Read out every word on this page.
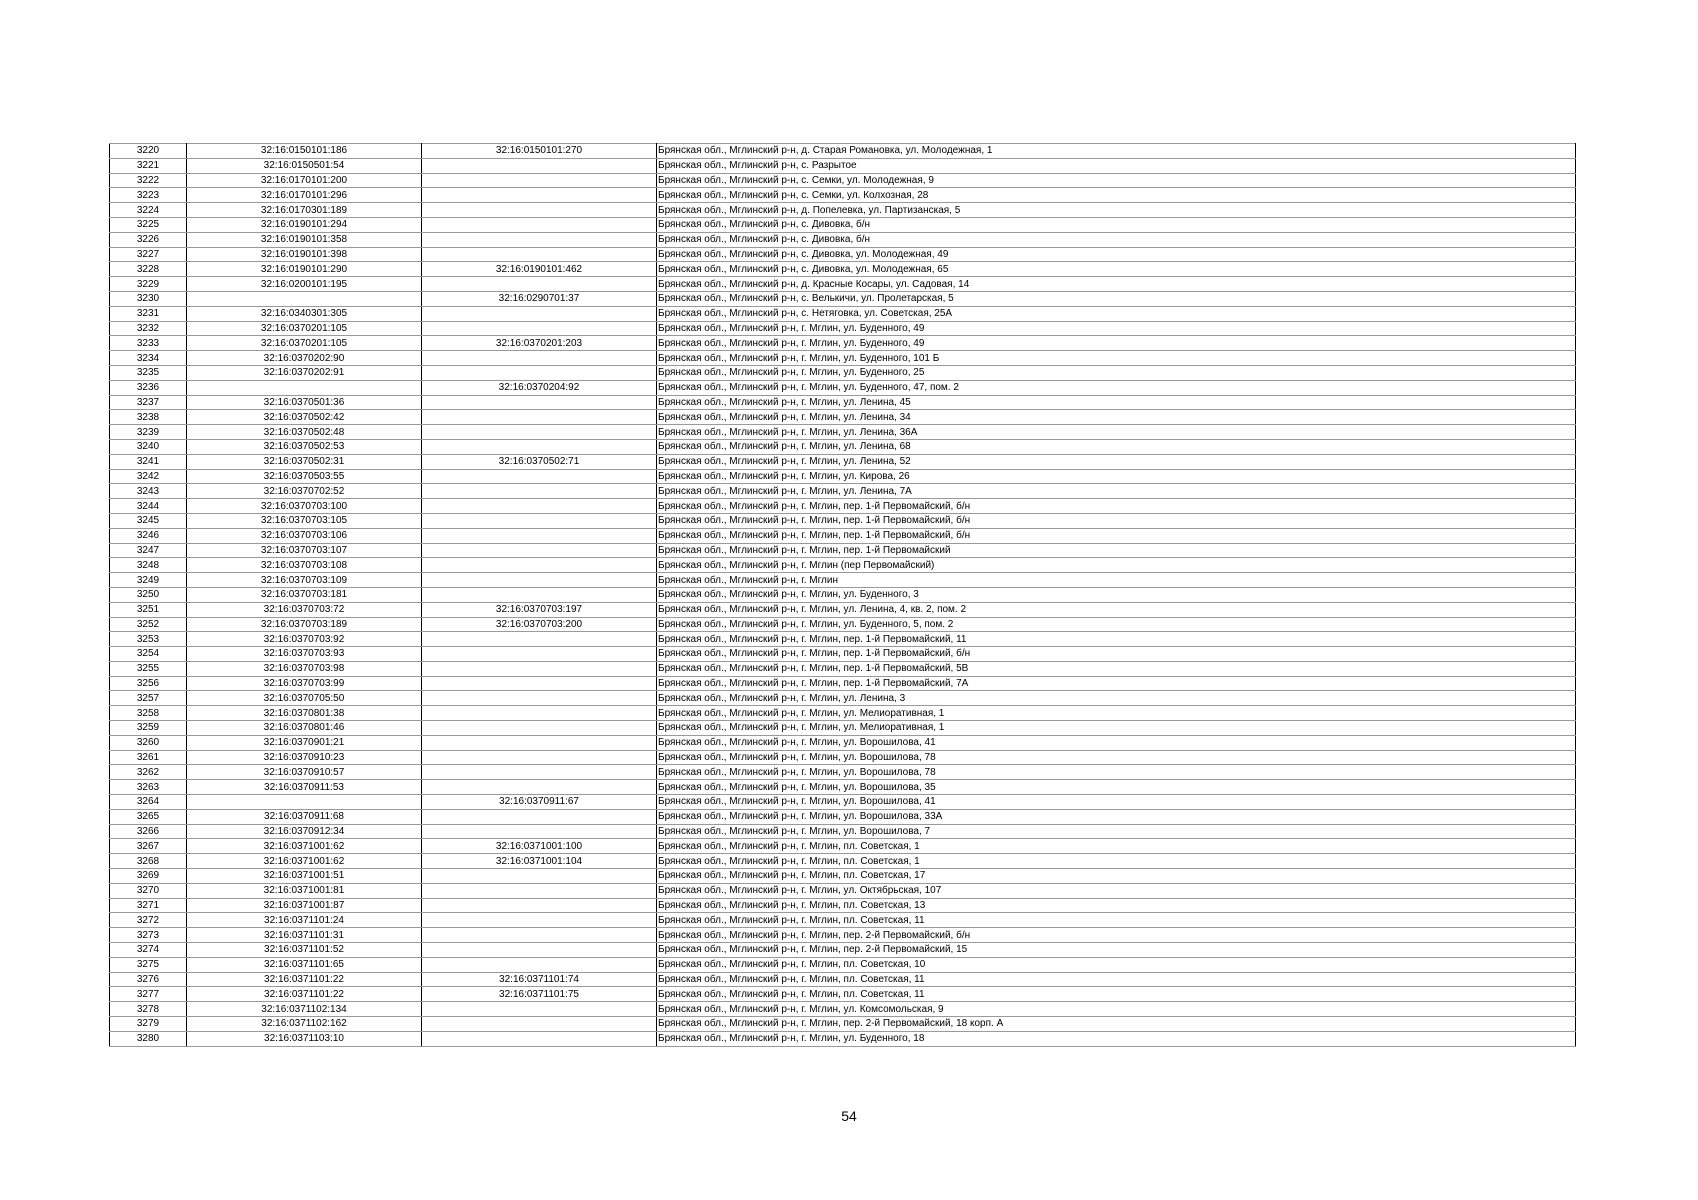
3220	32:16:0150101:186	32:16:0150101:270	Брянская обл., Мглинский р-н, д. Старая Романовка, ул. Молодежная, 1
3221	32:16:0150501:54		Брянская обл., Мглинский р-н, с. Разрытое
3222	32:16:0170101:200		Брянская обл., Мглинский р-н, с. Семки, ул. Молодежная, 9
3223	32:16:0170101:296		Брянская обл., Мглинский р-н, с. Семки, ул. Колхозная, 28
3224	32:16:0170301:189		Брянская обл., Мглинский р-н, д. Попелевка, ул. Партизанская, 5
3225	32:16:0190101:294		Брянская обл., Мглинский р-н, с. Дивовка, б/н
3226	32:16:0190101:358		Брянская обл., Мглинский р-н, с. Дивовка, б/н
3227	32:16:0190101:398		Брянская обл., Мглинский р-н, с. Дивовка, ул. Молодежная, 49
3228	32:16:0190101:290	32:16:0190101:462	Брянская обл., Мглинский р-н, с. Дивовка, ул. Молодежная, 65
3229	32:16:0200101:195		Брянская обл., Мглинский р-н, д. Красные Косары, ул. Садовая, 14
3230		32:16:0290701:37	Брянская обл., Мглинский р-н, с. Велькичи, ул. Пролетарская, 5
3231	32:16:0340301:305		Брянская обл., Мглинский р-н, с. Нетяговка, ул. Советская, 25А
3232	32:16:0370201:105		Брянская обл., Мглинский р-н, г. Мглин, ул. Буденного, 49
3233	32:16:0370201:105	32:16:0370201:203	Брянская обл., Мглинский р-н, г. Мглин, ул. Буденного, 49
3234	32:16:0370202:90		Брянская обл., Мглинский р-н, г. Мглин, ул. Буденного, 101 Б
3235	32:16:0370202:91		Брянская обл., Мглинский р-н, г. Мглин, ул. Буденного, 25
3236		32:16:0370204:92	Брянская обл., Мглинский р-н, г. Мглин, ул. Буденного, 47, пом. 2
3237	32:16:0370501:36		Брянская обл., Мглинский р-н, г. Мглин, ул. Ленина, 45
3238	32:16:0370502:42		Брянская обл., Мглинский р-н, г. Мглин, ул. Ленина, 34
3239	32:16:0370502:48		Брянская обл., Мглинский р-н, г. Мглин, ул. Ленина, 36А
3240	32:16:0370502:53		Брянская обл., Мглинский р-н, г. Мглин, ул. Ленина, 68
3241	32:16:0370502:31	32:16:0370502:71	Брянская обл., Мглинский р-н, г. Мглин, ул. Ленина, 52
3242	32:16:0370503:55		Брянская обл., Мглинский р-н, г. Мглин, ул. Кирова, 26
3243	32:16:0370702:52		Брянская обл., Мглинский р-н, г. Мглин, ул. Ленина, 7А
3244	32:16:0370703:100		Брянская обл., Мглинский р-н, г. Мглин, пер. 1-й Первомайский, б/н
3245	32:16:0370703:105		Брянская обл., Мглинский р-н, г. Мглин, пер. 1-й Первомайский, б/н
3246	32:16:0370703:106		Брянская обл., Мглинский р-н, г. Мглин, пер. 1-й Первомайский, б/н
3247	32:16:0370703:107		Брянская обл., Мглинский р-н, г. Мглин, пер. 1-й Первомайский
3248	32:16:0370703:108		Брянская обл., Мглинский р-н, г. Мглин (пер Первомайский)
3249	32:16:0370703:109		Брянская обл., Мглинский р-н, г. Мглин
3250	32:16:0370703:181		Брянская обл., Мглинский р-н, г. Мглин, ул. Буденного, 3
3251	32:16:0370703:72	32:16:0370703:197	Брянская обл., Мглинский р-н, г. Мглин, ул. Ленина, 4, кв. 2, пом. 2
3252	32:16:0370703:189	32:16:0370703:200	Брянская обл., Мглинский р-н, г. Мглин, ул. Буденного, 5, пом. 2
3253	32:16:0370703:92		Брянская обл., Мглинский р-н, г. Мглин, пер. 1-й Первомайский, 11
3254	32:16:0370703:93		Брянская обл., Мглинский р-н, г. Мглин, пер. 1-й Первомайский, б/н
3255	32:16:0370703:98		Брянская обл., Мглинский р-н, г. Мглин, пер. 1-й Первомайский, 5В
3256	32:16:0370703:99		Брянская обл., Мглинский р-н, г. Мглин, пер. 1-й Первомайский, 7А
3257	32:16:0370705:50		Брянская обл., Мглинский р-н, г. Мглин, ул. Ленина, 3
3258	32:16:0370801:38		Брянская обл., Мглинский р-н, г. Мглин, ул. Мелиоративная, 1
3259	32:16:0370801:46		Брянская обл., Мглинский р-н, г. Мглин, ул. Мелиоративная, 1
3260	32:16:0370901:21		Брянская обл., Мглинский р-н, г. Мглин, ул. Ворошилова, 41
3261	32:16:0370910:23		Брянская обл., Мглинский р-н, г. Мглин, ул. Ворошилова, 78
3262	32:16:0370910:57		Брянская обл., Мглинский р-н, г. Мглин, ул. Ворошилова, 78
3263	32:16:0370911:53		Брянская обл., Мглинский р-н, г. Мглин, ул. Ворошилова, 35
3264		32:16:0370911:67	Брянская обл., Мглинский р-н, г. Мглин, ул. Ворошилова, 41
3265	32:16:0370911:68		Брянская обл., Мглинский р-н, г. Мглин, ул. Ворошилова, 33А
3266	32:16:0370912:34		Брянская обл., Мглинский р-н, г. Мглин, ул. Ворошилова, 7
3267	32:16:0371001:62	32:16:0371001:100	Брянская обл., Мглинский р-н, г. Мглин, пл. Советская, 1
3268	32:16:0371001:62	32:16:0371001:104	Брянская обл., Мглинский р-н, г. Мглин, пл. Советская, 1
3269	32:16:0371001:51		Брянская обл., Мглинский р-н, г. Мглин, пл. Советская, 17
3270	32:16:0371001:81		Брянская обл., Мглинский р-н, г. Мглин, ул. Октябрьская, 107
3271	32:16:0371001:87		Брянская обл., Мглинский р-н, г. Мглин, пл. Советская, 13
3272	32:16:0371101:24		Брянская обл., Мглинский р-н, г. Мглин, пл. Советская, 11
3273	32:16:0371101:31		Брянская обл., Мглинский р-н, г. Мглин, пер. 2-й Первомайский, б/н
3274	32:16:0371101:52		Брянская обл., Мглинский р-н, г. Мглин, пер. 2-й Первомайский, 15
3275	32:16:0371101:65		Брянская обл., Мглинский р-н, г. Мглин, пл. Советская, 10
3276	32:16:0371101:22	32:16:0371101:74	Брянская обл., Мглинский р-н, г. Мглин, пл. Советская, 11
3277	32:16:0371101:22	32:16:0371101:75	Брянская обл., Мглинский р-н, г. Мглин, пл. Советская, 11
3278	32:16:0371102:134		Брянская обл., Мглинский р-н, г. Мглин, ул. Комсомольская, 9
3279	32:16:0371102:162		Брянская обл., Мглинский р-н, г. Мглин, пер. 2-й Первомайский, 18 корп. А
3280	32:16:0371103:10		Брянская обл., Мглинский р-н, г. Мглин, ул. Буденного, 18
54
